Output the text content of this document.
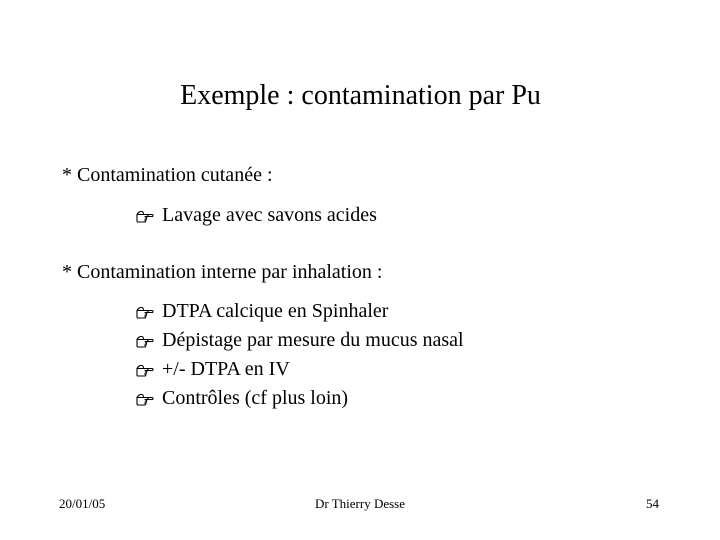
Exemple : contamination par Pu
* Contamination cutanée :
Lavage avec savons acides
* Contamination interne par inhalation :
DTPA calcique en Spinhaler
Dépistage par mesure du mucus nasal
+/- DTPA en IV
Contrôles (cf plus loin)
20/01/05	Dr Thierry Desse	54
